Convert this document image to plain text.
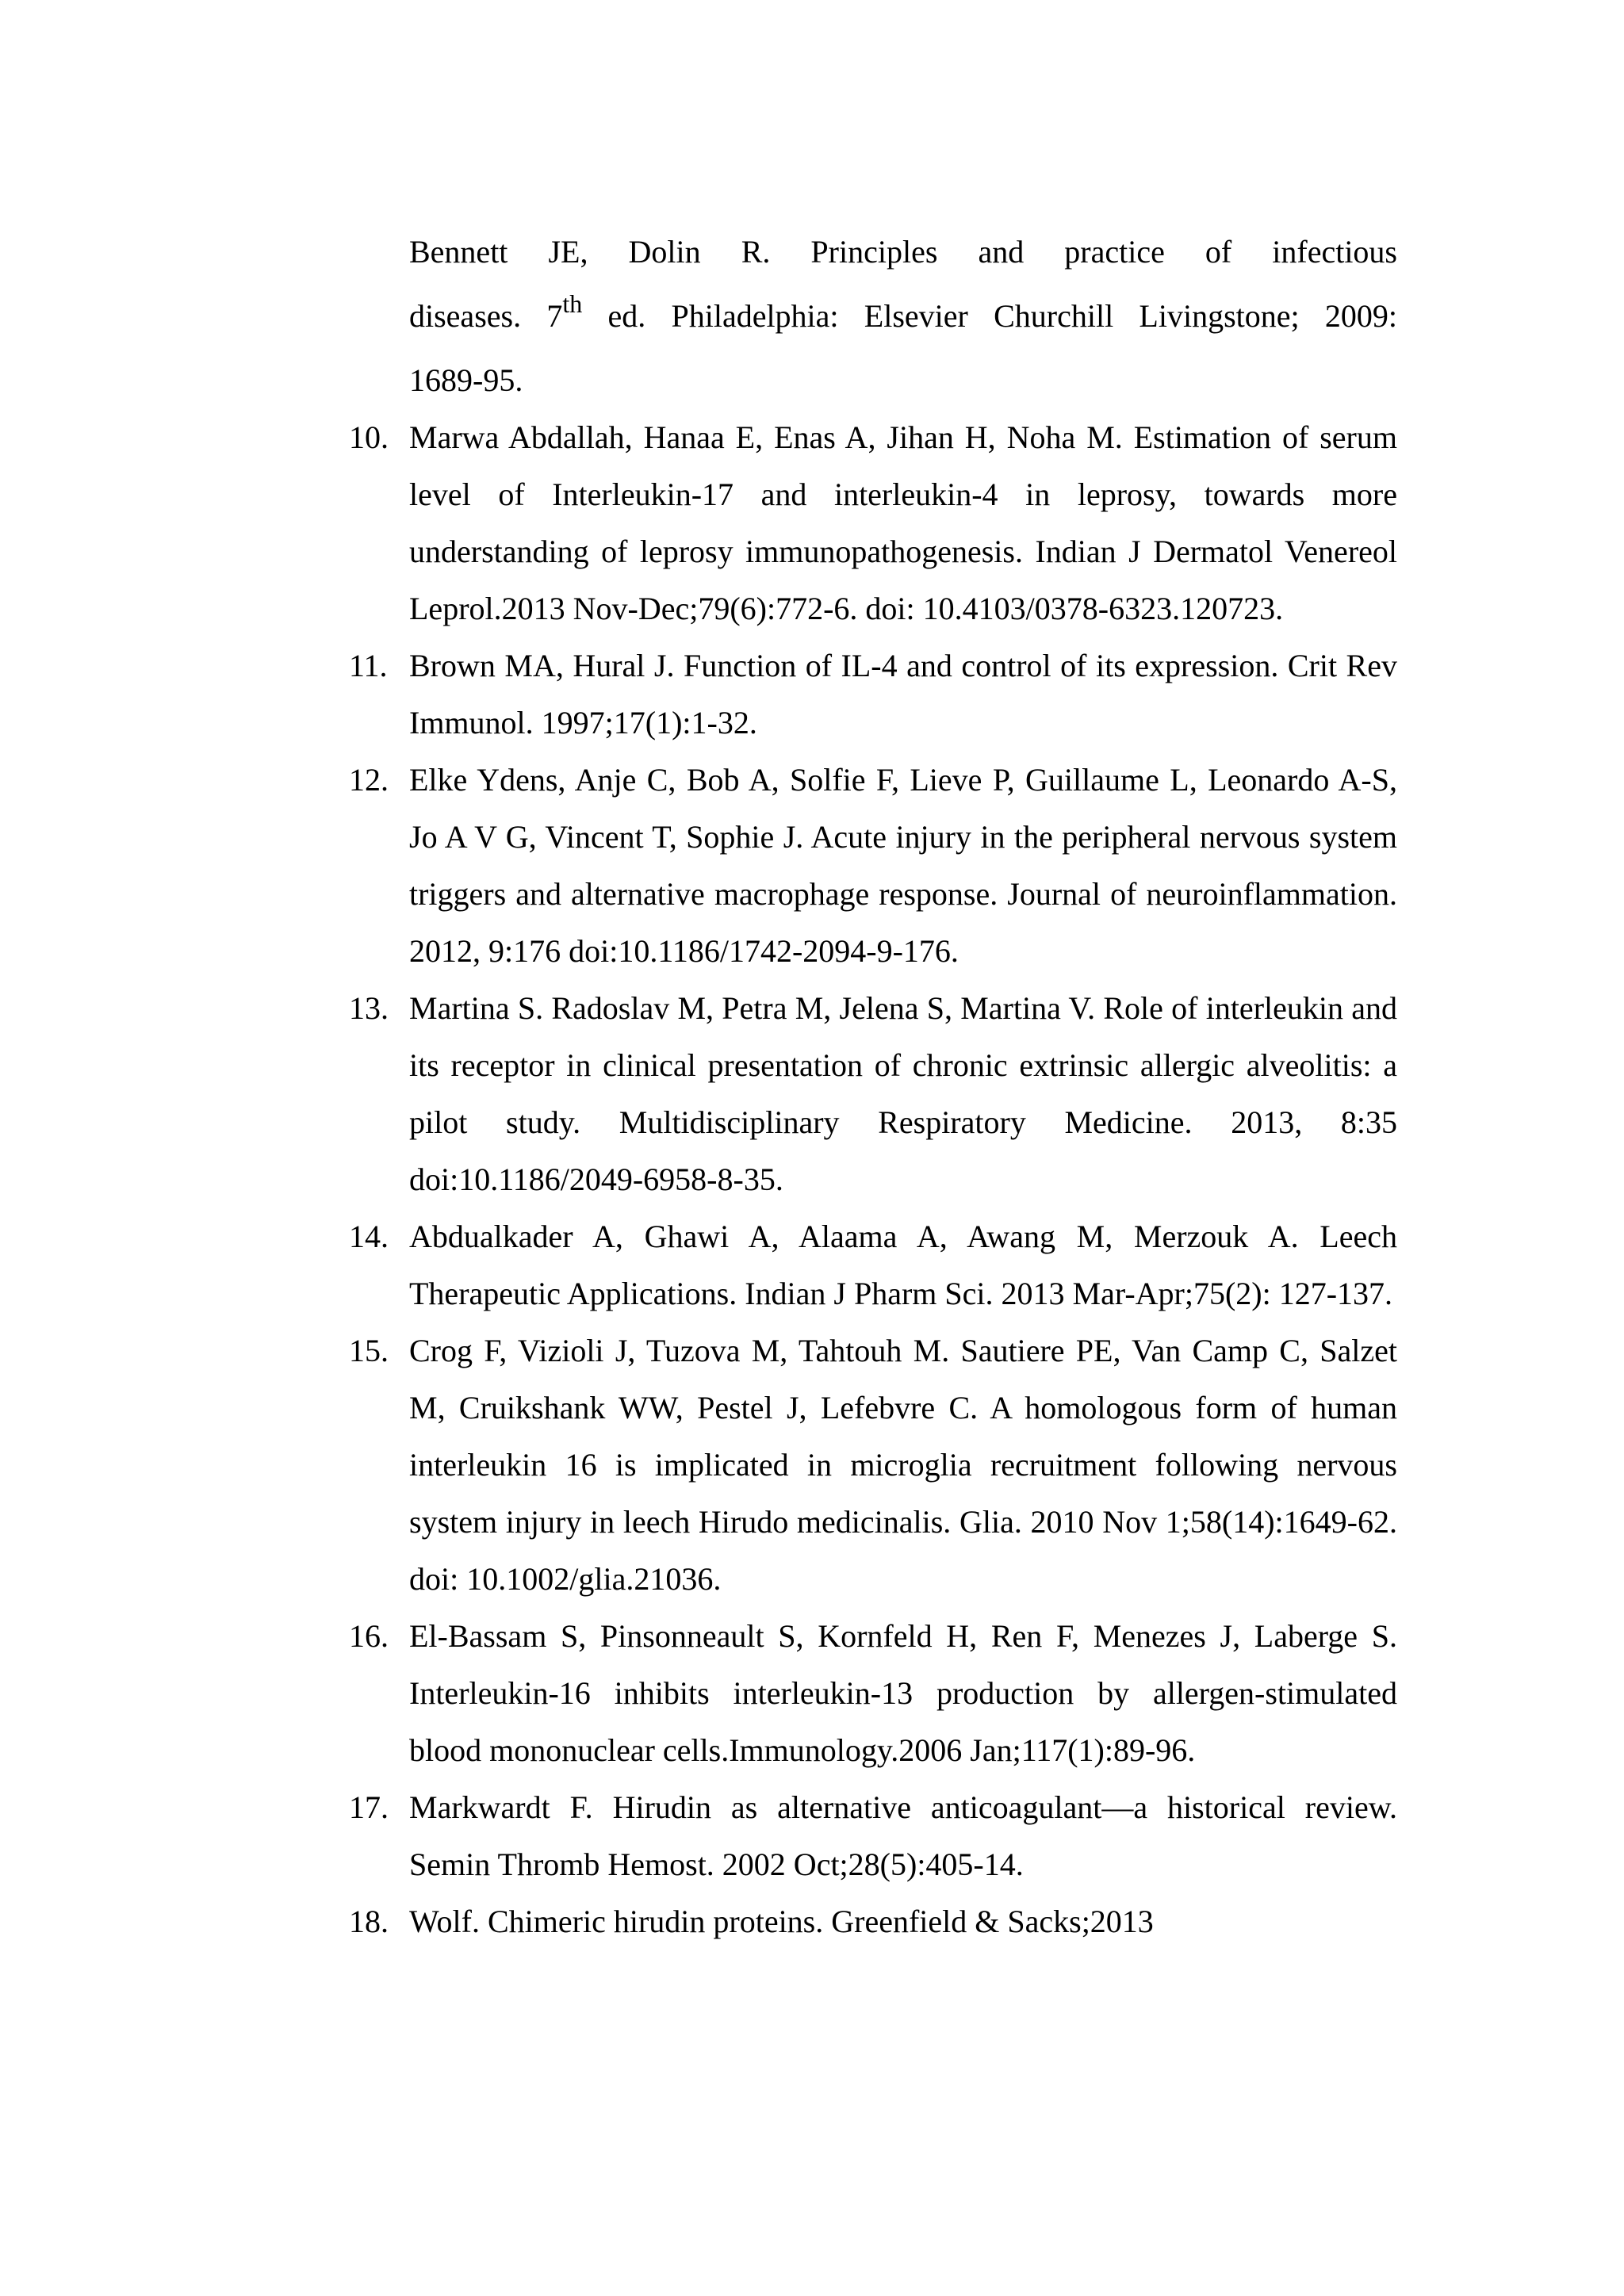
Bennett JE, Dolin R. Principles and practice of infectious
diseases. 7th ed. Philadelphia: Elsevier Churchill Livingstone; 2009:
1689-95.
10. Marwa Abdallah, Hanaa E, Enas A, Jihan H, Noha M. Estimation of serum level of Interleukin-17 and interleukin-4 in leprosy, towards more understanding of leprosy immunopathogenesis. Indian J Dermatol Venereol Leprol.2013 Nov-Dec;79(6):772-6. doi: 10.4103/0378-6323.120723.
11. Brown MA, Hural J. Function of IL-4 and control of its expression. Crit Rev Immunol. 1997;17(1):1-32.
12. Elke Ydens, Anje C, Bob A, Solfie F, Lieve P, Guillaume L, Leonardo A-S, Jo A V G, Vincent T, Sophie J. Acute injury in the peripheral nervous system triggers and alternative macrophage response. Journal of neuroinflammation. 2012, 9:176 doi:10.1186/1742-2094-9-176.
13. Martina S. Radoslav M, Petra M, Jelena S, Martina V. Role of interleukin and its receptor in clinical presentation of chronic extrinsic allergic alveolitis: a pilot study. Multidisciplinary Respiratory Medicine. 2013, 8:35 doi:10.1186/2049-6958-8-35.
14. Abdualkader A, Ghawi A, Alaama A, Awang M, Merzouk A. Leech Therapeutic Applications. Indian J Pharm Sci. 2013 Mar-Apr;75(2): 127-137.
15. Crog F, Vizioli J, Tuzova M, Tahtouh M. Sautiere PE, Van Camp C, Salzet M, Cruikshank WW, Pestel J, Lefebvre C. A homologous form of human interleukin 16 is implicated in microglia recruitment following nervous system injury in leech Hirudo medicinalis. Glia. 2010 Nov 1;58(14):1649-62. doi: 10.1002/glia.21036.
16. El-Bassam S, Pinsonneault S, Kornfeld H, Ren F, Menezes J, Laberge S. Interleukin-16 inhibits interleukin-13 production by allergen-stimulated blood mononuclear cells.Immunology.2006 Jan;117(1):89-96.
17. Markwardt F. Hirudin as alternative anticoagulant—a historical review. Semin Thromb Hemost. 2002 Oct;28(5):405-14.
18. Wolf. Chimeric hirudin proteins. Greenfield & Sacks;2013
